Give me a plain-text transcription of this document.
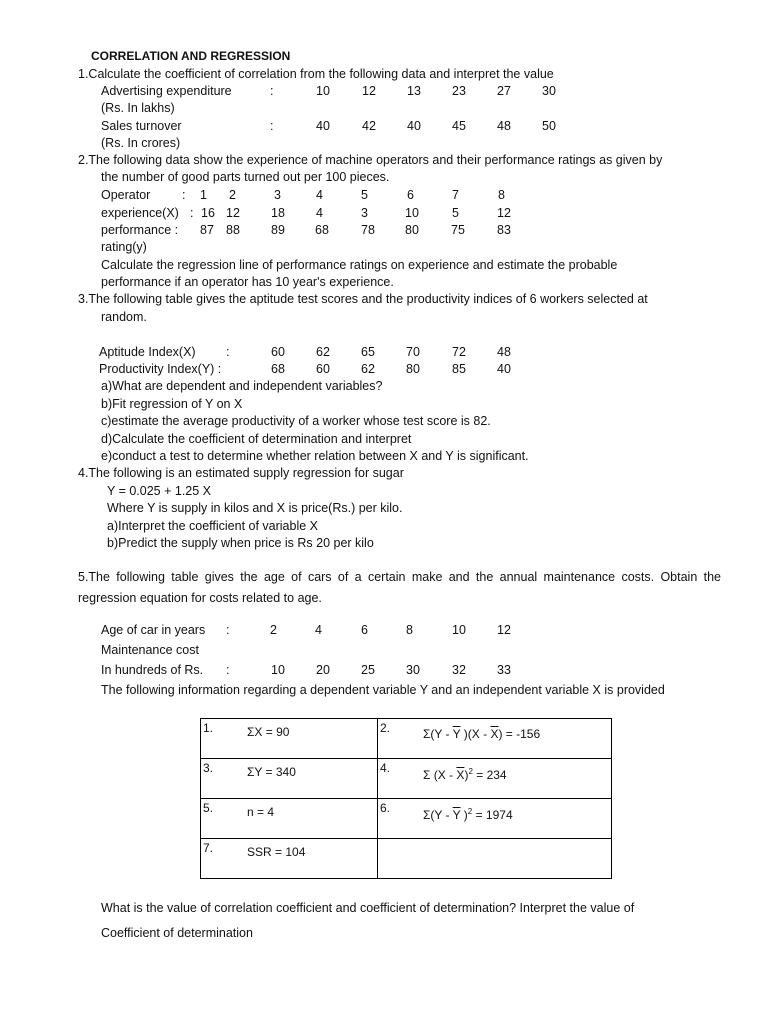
CORRELATION AND REGRESSION
1.Calculate the coefficient of correlation from the following data and interpret the value
Advertising expenditure	:	10	12 13 23 27 30
(Rs. In lakhs)
Sales turnover	:	40	42 40 45 48 50
(Rs. In crores)
2.The following data show the experience of machine operators and their performance ratings as given by
the number of good parts turned out per 100 pieces.
Operator	: 1 2	3	4	5	6	7	8
experience(X) : 16 12 18 4	3	10	5	12
performance : 87 88 89 68	78 80	75	83
rating(y)
Calculate the regression line of performance ratings on experience and estimate the probable
performance if an operator has 10 year's experience.
3.The following table gives the aptitude test scores and the productivity indices of 6 workers selected at
random.
Aptitude Index(X) :	60 62 65 70	72 48
Productivity Index(Y) :	68 60 62 80	85 40
a)What are dependent and independent variables?
b)Fit regression of Y on X
c)estimate the average productivity of a worker whose test score is 82.
d)Calculate the coefficient of determination and interpret
e)conduct a test to determine whether relation between X and Y is significant.
4.The following is an estimated supply regression for sugar
Y = 0.025 + 1.25 X
Where Y is supply in kilos and X is price(Rs.) per kilo.
a)Interpret the coefficient of variable X
b)Predict the supply when price is Rs 20 per kilo
5.The following table gives the age of cars of a certain make and the annual maintenance costs. Obtain the regression equation for costs related to age.
Age of car in years :	2	4	6	8	10 12
Maintenance cost
In hundreds of Rs. :	10 20 25 30	32 33
The following information regarding a dependent variable Y and an independent variable X is provided
1. ΣX = 90	2. $\Sigma(Y - \overline{Y}$ )$(X - \overline{X}) = -156$

3. ΣY = 340	4. Σ $(X - \overline{X})^2 = 234$

5. n = 4	6. $\Sigma(Y - \overline{Y}$ )$^2$ = 1974

7. SSR = 104	

What is the value of correlation coefficient and coefficient of determination? Interpret the value of
Coefficient of determination
